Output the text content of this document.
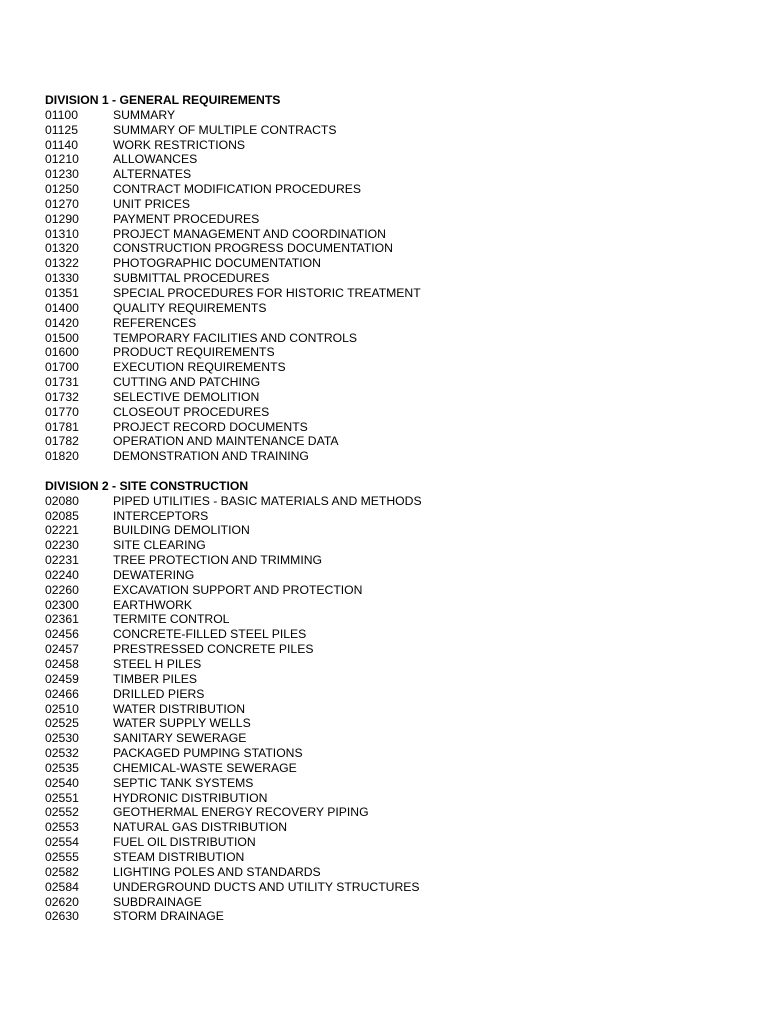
DIVISION 1 - GENERAL REQUIREMENTS
01100	SUMMARY
01125	SUMMARY OF MULTIPLE CONTRACTS
01140	WORK RESTRICTIONS
01210	ALLOWANCES
01230	ALTERNATES
01250	CONTRACT MODIFICATION PROCEDURES
01270	UNIT PRICES
01290	PAYMENT PROCEDURES
01310	PROJECT MANAGEMENT AND COORDINATION
01320	CONSTRUCTION PROGRESS DOCUMENTATION
01322	PHOTOGRAPHIC DOCUMENTATION
01330	SUBMITTAL PROCEDURES
01351	SPECIAL PROCEDURES FOR HISTORIC TREATMENT
01400	QUALITY REQUIREMENTS
01420	REFERENCES
01500	TEMPORARY FACILITIES AND CONTROLS
01600	PRODUCT REQUIREMENTS
01700	EXECUTION REQUIREMENTS
01731	CUTTING AND PATCHING
01732	SELECTIVE DEMOLITION
01770	CLOSEOUT PROCEDURES
01781	PROJECT RECORD DOCUMENTS
01782	OPERATION AND MAINTENANCE DATA
01820	DEMONSTRATION AND TRAINING
DIVISION 2 - SITE CONSTRUCTION
02080	PIPED UTILITIES - BASIC MATERIALS AND METHODS
02085	INTERCEPTORS
02221	BUILDING DEMOLITION
02230	SITE CLEARING
02231	TREE PROTECTION AND TRIMMING
02240	DEWATERING
02260	EXCAVATION SUPPORT AND PROTECTION
02300	EARTHWORK
02361	TERMITE CONTROL
02456	CONCRETE-FILLED STEEL PILES
02457	PRESTRESSED CONCRETE PILES
02458	STEEL H PILES
02459	TIMBER PILES
02466	DRILLED PIERS
02510	WATER DISTRIBUTION
02525	WATER SUPPLY WELLS
02530	SANITARY SEWERAGE
02532	PACKAGED PUMPING STATIONS
02535	CHEMICAL-WASTE SEWERAGE
02540	SEPTIC TANK SYSTEMS
02551	HYDRONIC DISTRIBUTION
02552	GEOTHERMAL ENERGY RECOVERY PIPING
02553	NATURAL GAS DISTRIBUTION
02554	FUEL OIL DISTRIBUTION
02555	STEAM DISTRIBUTION
02582	LIGHTING POLES AND STANDARDS
02584	UNDERGROUND DUCTS AND UTILITY STRUCTURES
02620	SUBDRAINAGE
02630	STORM DRAINAGE
